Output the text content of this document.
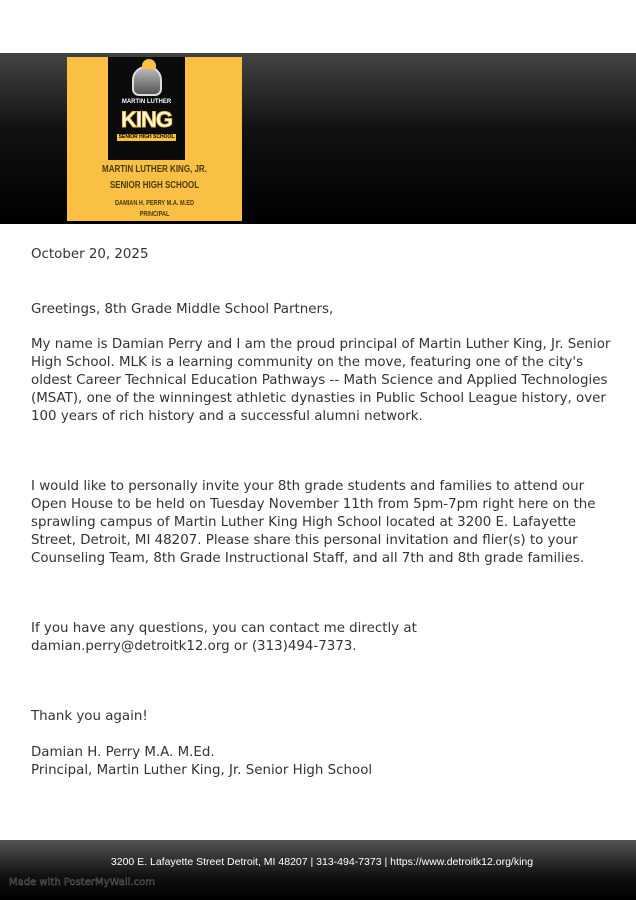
MARTIN LUTHER
KING
SENIOR HIGH SCHOOL
MARTIN LUTHER KING, JR.
SENIOR HIGH SCHOOL
DAMIAN H. PERRY M.A. M.ED
PRINCIPAL

October 20, 2025

Greetings, 8th Grade Middle School Partners,

My name is Damian Perry and I am the proud principal of Martin Luther King, Jr. Senior High School. MLK is a learning community on the move, featuring one of the city's oldest Career Technical Education Pathways -- Math Science and Applied Technologies (MSAT), one of the winningest athletic dynasties in Public School League history, over 100 years of rich history and a successful alumni network.

I would like to personally invite your 8th grade students and families to attend our Open House to be held on Tuesday November 11th from 5pm-7pm right here on the sprawling campus of Martin Luther King High School located at 3200 E. Lafayette Street, Detroit, MI 48207. Please share this personal invitation and flier(s) to your Counseling Team, 8th Grade Instructional Staff, and all 7th and 8th grade families.

If you have any questions, you can contact me directly at

damian.perry@detroitk12.org or (313)494-7373.

Thank you again!

Damian H. Perry M.A. M.Ed.

Principal, Martin Luther King, Jr. Senior High School

3200 E. Lafayette Street Detroit, MI 48207 | 313-494-7373 | https://www.detroitk12.org/king
Made with PosterMyWall.com
